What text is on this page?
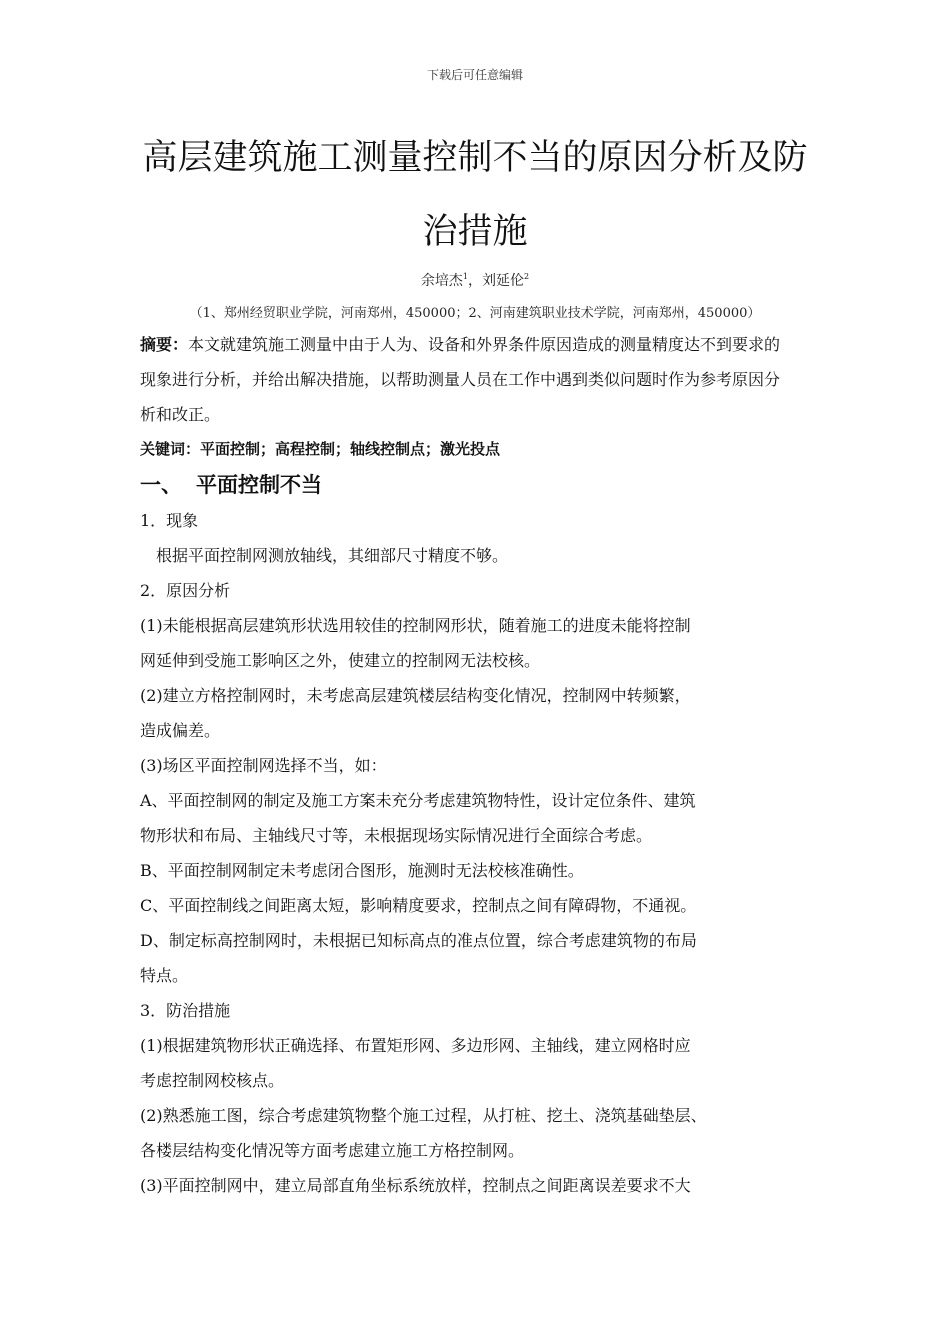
下载后可任意编辑
高层建筑施工测量控制不当的原因分析及防
治措施
余培杰$^1$，刘延伦$^2$
（1、郑州经贸职业学院，河南郑州，450000；2、河南建筑职业技术学院，河南郑州，450000）
摘要：本文就建筑施工测量中由于人为、设备和外界条件原因造成的测量精度达不到要求的
现象进行分析，并给出解决措施，以帮助测量人员在工作中遇到类似问题时作为参考原因分
析和改正。
关键词：平面控制；高程控制；轴线控制点；激光投点
一、 平面控制不当
1．现象
　根据平面控制网测放轴线，其细部尺寸精度不够。
2．原因分析
(1)未能根据高层建筑形状选用较佳的控制网形状，随着施工的进度未能将控制
网延伸到受施工影响区之外，使建立的控制网无法校核。
(2)建立方格控制网时，未考虑高层建筑楼层结构变化情况，控制网中转频繁，
造成偏差。
(3)场区平面控制网选择不当，如：
A、平面控制网的制定及施工方案未充分考虑建筑物特性，设计定位条件、建筑
物形状和布局、主轴线尺寸等，未根据现场实际情况进行全面综合考虑。
B、平面控制网制定未考虑闭合图形，施测时无法校核准确性。
C、平面控制线之间距离太短，影响精度要求，控制点之间有障碍物，不通视。
D、制定标高控制网时，未根据已知标高点的准点位置，综合考虑建筑物的布局
特点。
3．防治措施
(1)根据建筑物形状正确选择、布置矩形网、多边形网、主轴线，建立网格时应
考虑控制网校核点。
(2)熟悉施工图，综合考虑建筑物整个施工过程，从打桩、挖土、浇筑基础垫层、
各楼层结构变化情况等方面考虑建立施工方格控制网。
(3)平面控制网中，建立局部直角坐标系统放样，控制点之间距离误差要求不大
